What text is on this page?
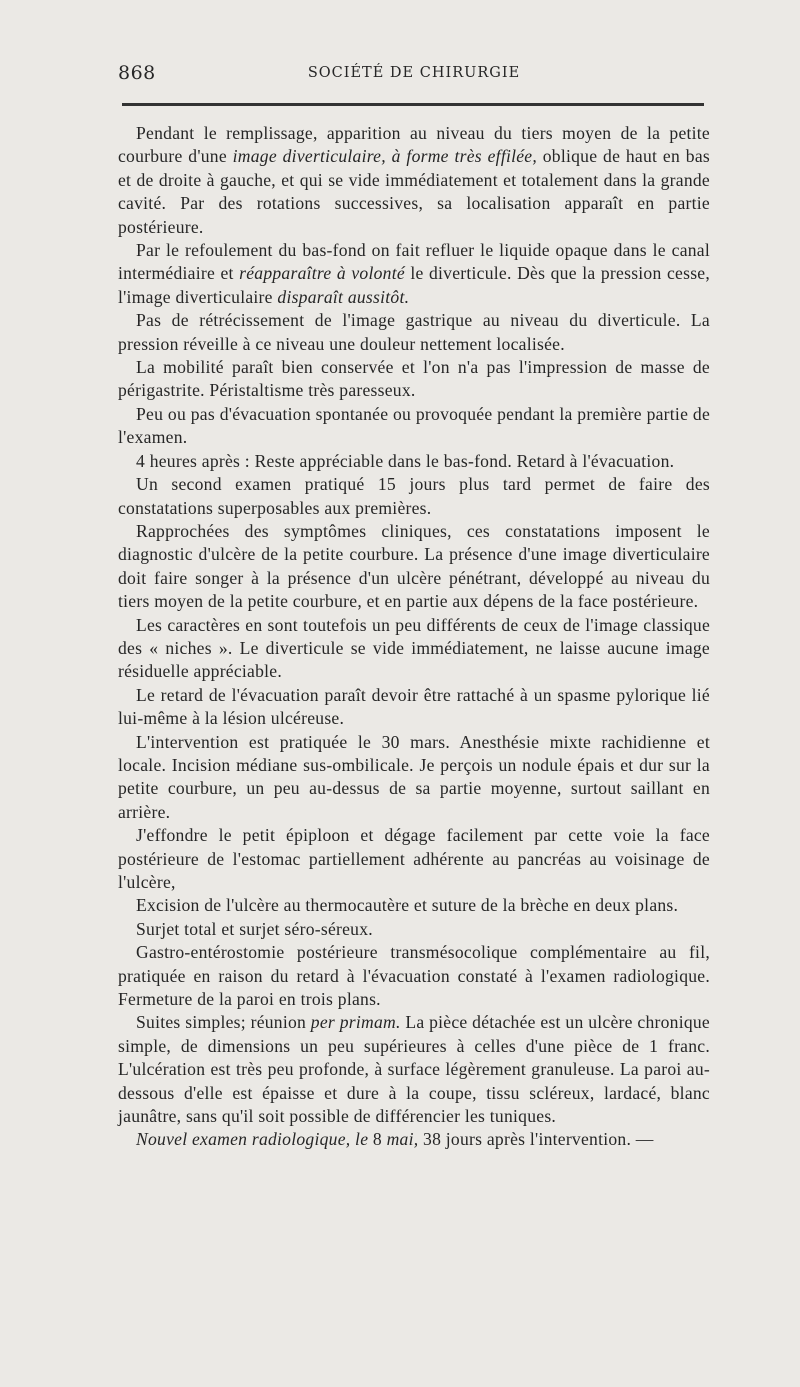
868	SOCIÉTÉ DE CHIRURGIE

Pendant le remplissage, apparition au niveau du tiers moyen de la petite courbure d'une image diverticulaire, à forme très effilée, oblique de haut en bas et de droite à gauche, et qui se vide immédiatement et totalement dans la grande cavité. Par des rotations successives, sa localisation apparaît en partie postérieure.

Par le refoulement du bas-fond on fait refluer le liquide opaque dans le canal intermédiaire et réapparaître à volonté le diverticule. Dès que la pression cesse, l'image diverticulaire disparaît aussitôt.

Pas de rétrécissement de l'image gastrique au niveau du diverticule. La pression réveille à ce niveau une douleur nettement localisée.

La mobilité paraît bien conservée et l'on n'a pas l'impression de masse de périgastrite. Péristaltisme très paresseux.

Peu ou pas d'évacuation spontanée ou provoquée pendant la première partie de l'examen.

4 heures après : Reste appréciable dans le bas-fond. Retard à l'évacuation.

Un second examen pratiqué 15 jours plus tard permet de faire des constatations superposables aux premières.

Rapprochées des symptômes cliniques, ces constatations imposent le diagnostic d'ulcère de la petite courbure. La présence d'une image diverticulaire doit faire songer à la présence d'un ulcère pénétrant, développé au niveau du tiers moyen de la petite courbure, et en partie aux dépens de la face postérieure.

Les caractères en sont toutefois un peu différents de ceux de l'image classique des « niches ». Le diverticule se vide immédiatement, ne laisse aucune image résiduelle appréciable.

Le retard de l'évacuation paraît devoir être rattaché à un spasme pylorique lié lui-même à la lésion ulcéreuse.

L'intervention est pratiquée le 30 mars. Anesthésie mixte rachidienne et locale. Incision médiane sus-ombilicale. Je perçois un nodule épais et dur sur la petite courbure, un peu au-dessus de sa partie moyenne, surtout saillant en arrière.

J'effondre le petit épiploon et dégage facilement par cette voie la face postérieure de l'estomac partiellement adhérente au pancréas au voisinage de l'ulcère,

Excision de l'ulcère au thermocautère et suture de la brèche en deux plans.

Surjet total et surjet séro-séreux.

Gastro-entérostomie postérieure transmésocolique complémentaire au fil, pratiquée en raison du retard à l'évacuation constaté à l'examen radiologique. Fermeture de la paroi en trois plans.

Suites simples; réunion per primam. La pièce détachée est un ulcère chronique simple, de dimensions un peu supérieures à celles d'une pièce de 1 franc. L'ulcération est très peu profonde, à surface légèrement granuleuse. La paroi au-dessous d'elle est épaisse et dure à la coupe, tissu scléreux, lardacé, blanc jaunâtre, sans qu'il soit possible de différencier les tuniques.

Nouvel examen radiologique, le 8 mai, 38 jours après l'intervention. —
